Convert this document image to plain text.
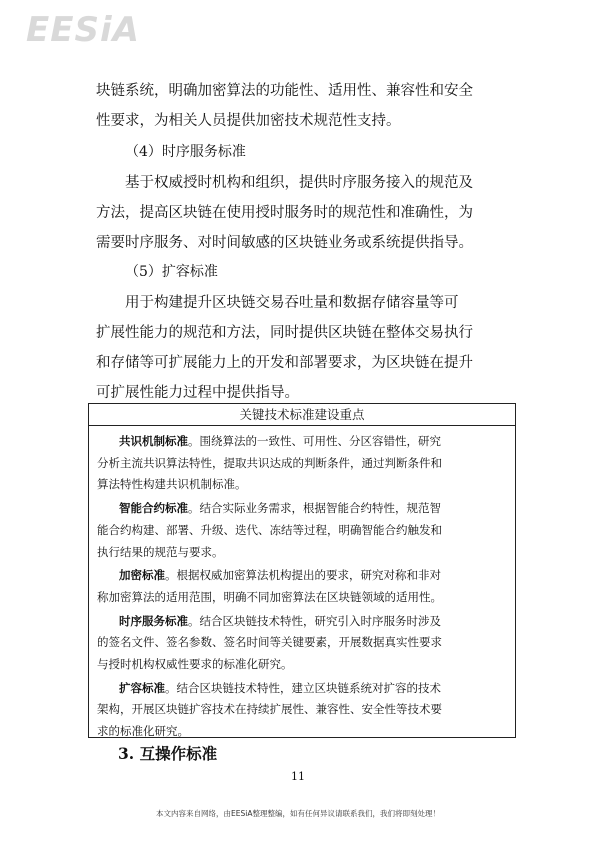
EESiA

块链系统，明确加密算法的功能性、适用性、兼容性和安全
性要求，为相关人员提供加密技术规范性支持。

（4）时序服务标准

基于权威授时机构和组织，提供时序服务接入的规范及
方法，提高区块链在使用授时服务时的规范性和准确性，为
需要时序服务、对时间敏感的区块链业务或系统提供指导。

（5）扩容标准

用于构建提升区块链交易吞吐量和数据存储容量等可
扩展性能力的规范和方法，同时提供区块链在整体交易执行
和存储等可扩展能力上的开发和部署要求，为区块链在提升
可扩展性能力过程中提供指导。

关键技术标准建设重点
共识机制标准。围绕算法的一致性、可用性、分区容错性，研究
分析主流共识算法特性，提取共识达成的判断条件，通过判断条件和
算法特性构建共识机制标准。
智能合约标准。结合实际业务需求，根据智能合约特性，规范智
能合约构建、部署、升级、迭代、冻结等过程，明确智能合约触发和
执行结果的规范与要求。
加密标准。根据权威加密算法机构提出的要求，研究对称和非对
称加密算法的适用范围，明确不同加密算法在区块链领域的适用性。
时序服务标准。结合区块链技术特性，研究引入时序服务时涉及
的签名文件、签名参数、签名时间等关键要素，开展数据真实性要求
与授时机构权威性要求的标准化研究。
扩容标准。结合区块链技术特性，建立区块链系统对扩容的技术
架构，开展区块链扩容技术在持续扩展性、兼容性、安全性等技术要
求的标准化研究。
3. 互操作标准
11
本文内容来自网络，由EESiA整理整编，如有任何异议请联系我们，我们将即刻处理！
